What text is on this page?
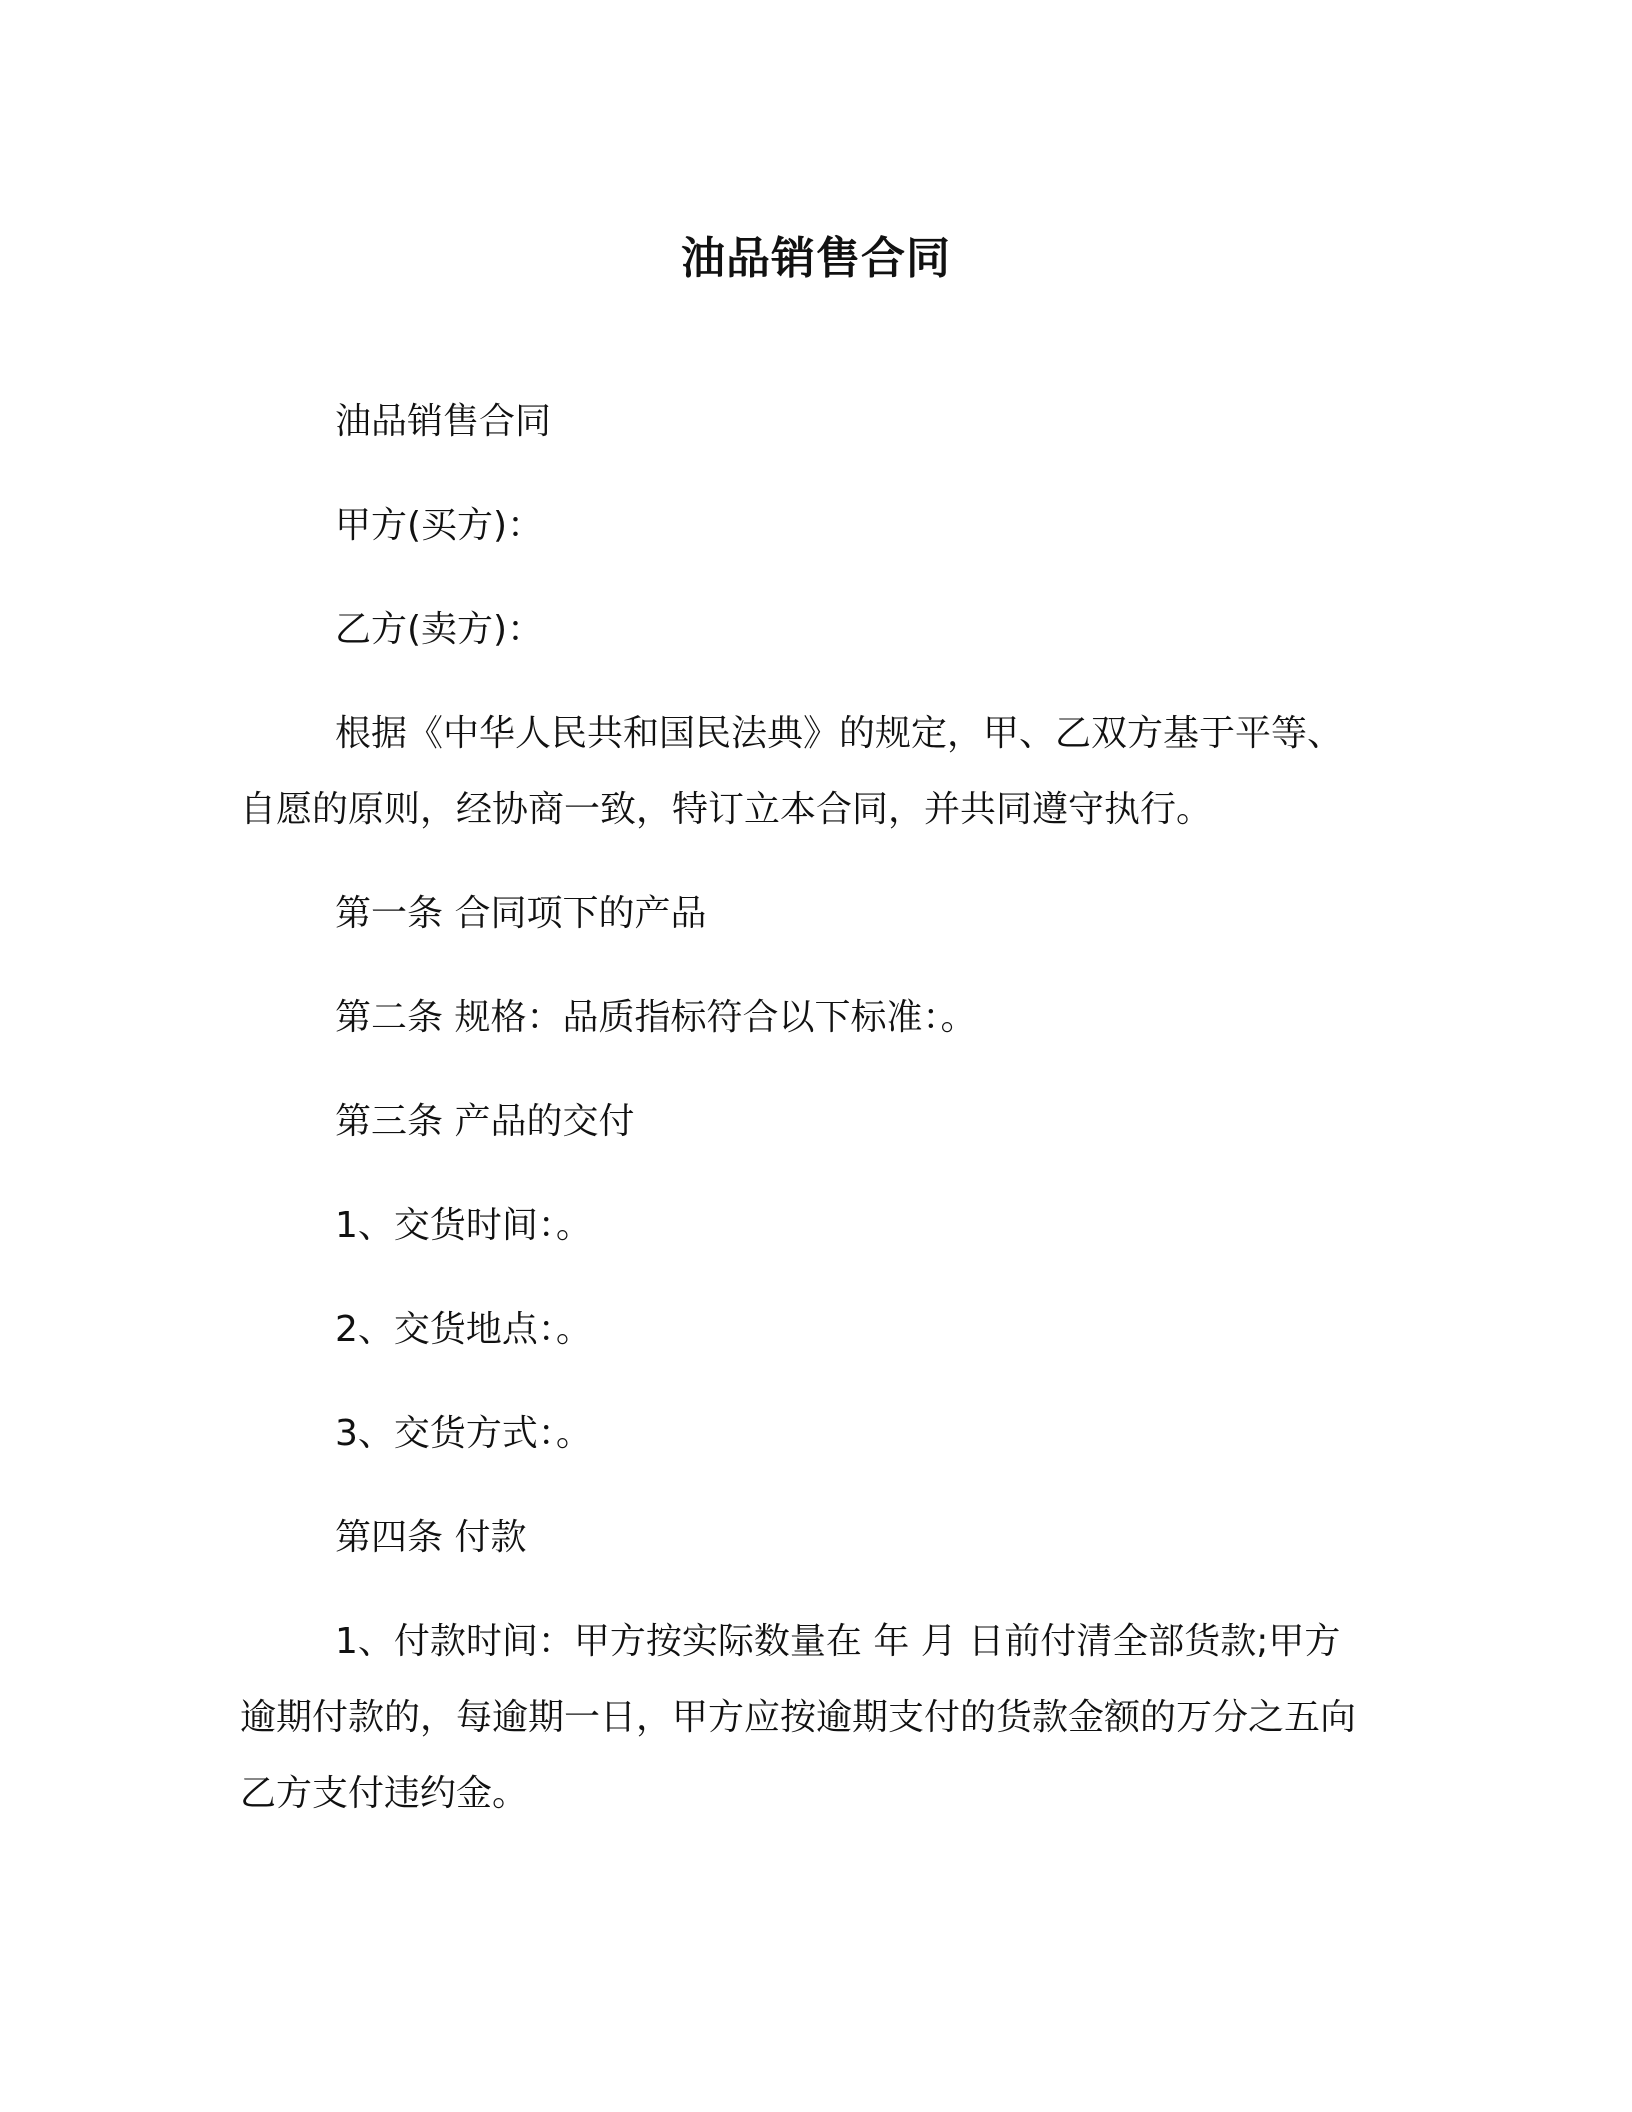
油品销售合同

油品销售合同

甲方(买方)：

乙方(卖方)：

根据《中华人民共和国民法典》的规定，甲、乙双方基于平等、自愿的原则，经协商一致，特订立本合同，并共同遵守执行。

第一条 合同项下的产品

第二条 规格：品质指标符合以下标准：。

第三条 产品的交付

1、交货时间：。

2、交货地点：。

3、交货方式：。

第四条 付款

1、付款时间：甲方按实际数量在 年 月 日前付清全部货款;甲方逾期付款的，每逾期一日，甲方应按逾期支付的货款金额的万分之五向乙方支付违约金。
